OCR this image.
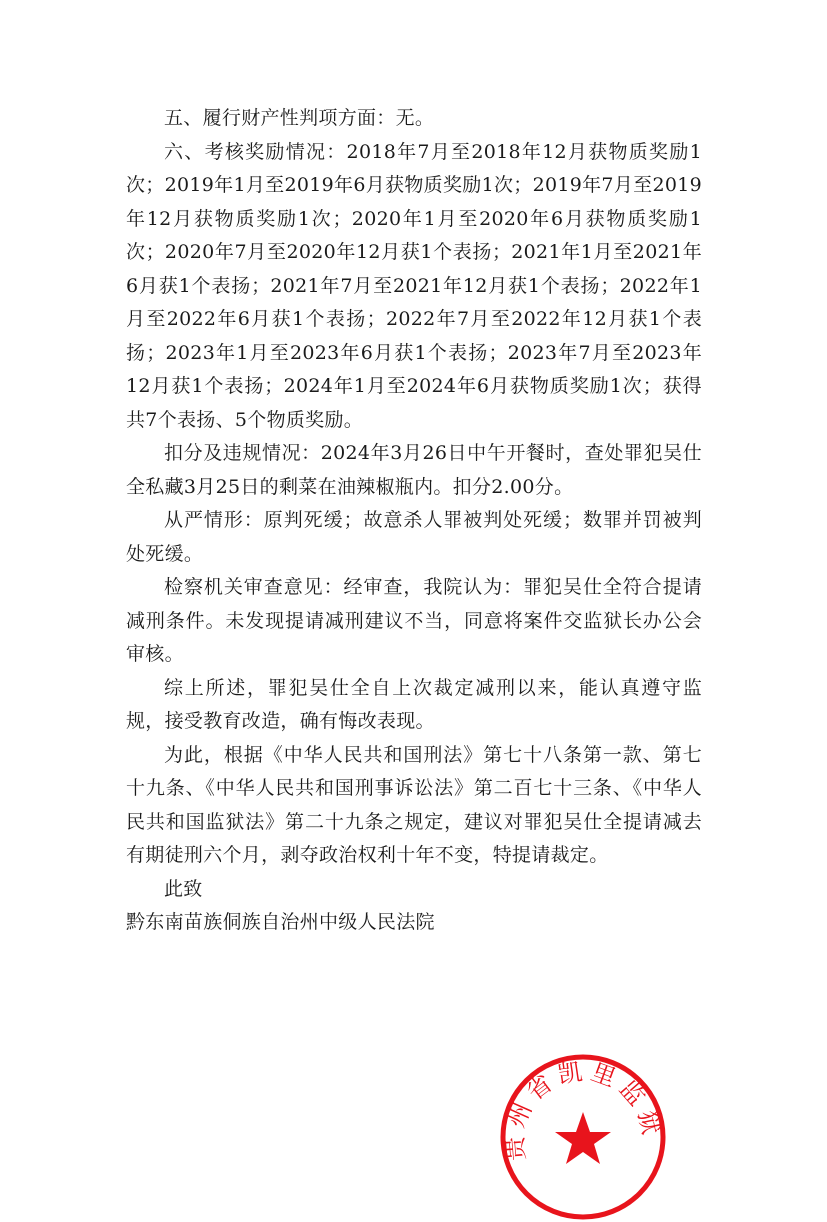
五、履行财产性判项方面：无。

六、考核奖励情况：2018年7月至2018年12月获物质奖励1次；2019年1月至2019年6月获物质奖励1次；2019年7月至2019年12月获物质奖励1次；2020年1月至2020年6月获物质奖励1次；2020年7月至2020年12月获1个表扬；2021年1月至2021年6月获1个表扬；2021年7月至2021年12月获1个表扬；2022年1月至2022年6月获1个表扬；2022年7月至2022年12月获1个表扬；2023年1月至2023年6月获1个表扬；2023年7月至2023年12月获1个表扬；2024年1月至2024年6月获物质奖励1次；获得共7个表扬、5个物质奖励。

扣分及违规情况：2024年3月26日中午开餐时，查处罪犯吴仕全私藏3月25日的剩菜在油辣椒瓶内。扣分2.00分。

从严情形：原判死缓；故意杀人罪被判处死缓；数罪并罚被判处死缓。

检察机关审查意见：经审查，我院认为：罪犯吴仕全符合提请减刑条件。未发现提请减刑建议不当，同意将案件交监狱长办公会审核。

综上所述，罪犯吴仕全自上次裁定减刑以来，能认真遵守监规，接受教育改造，确有悔改表现。

为此，根据《中华人民共和国刑法》第七十八条第一款、第七十九条、《中华人民共和国刑事诉讼法》第二百七十三条、《中华人民共和国监狱法》第二十九条之规定，建议对罪犯吴仕全提请减去有期徒刑六个月，剥夺政治权利十年不变，特提请裁定。

此致

黔东南苗族侗族自治州中级人民法院

贵州省凯里监狱
